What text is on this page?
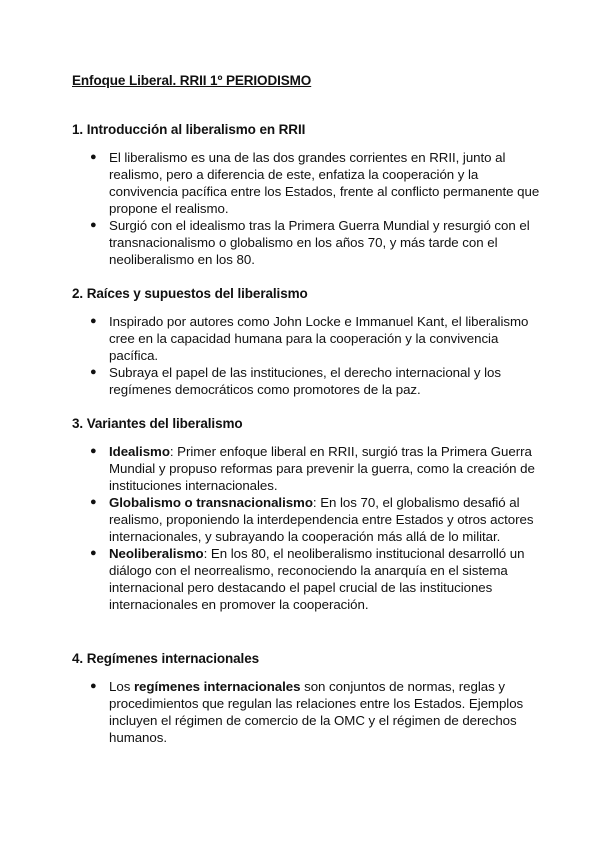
Enfoque Liberal. RRII 1º PERIODISMO
1. Introducción al liberalismo en RRII
● El liberalismo es una de las dos grandes corrientes en RRII, junto al realismo, pero a diferencia de este, enfatiza la cooperación y la convivencia pacífica entre los Estados, frente al conflicto permanente que propone el realismo.
● Surgió con el idealismo tras la Primera Guerra Mundial y resurgió con el transnacionalismo o globalismo en los años 70, y más tarde con el neoliberalismo en los 80.
2. Raíces y supuestos del liberalismo
● Inspirado por autores como John Locke e Immanuel Kant, el liberalismo cree en la capacidad humana para la cooperación y la convivencia pacífica.
● Subraya el papel de las instituciones, el derecho internacional y los regímenes democráticos como promotores de la paz.
3. Variantes del liberalismo
● Idealismo: Primer enfoque liberal en RRII, surgió tras la Primera Guerra Mundial y propuso reformas para prevenir la guerra, como la creación de instituciones internacionales.
● Globalismo o transnacionalismo: En los 70, el globalismo desafió al realismo, proponiendo la interdependencia entre Estados y otros actores internacionales, y subrayando la cooperación más allá de lo militar.
● Neoliberalismo: En los 80, el neoliberalismo institucional desarrolló un diálogo con el neorrealismo, reconociendo la anarquía en el sistema internacional pero destacando el papel crucial de las instituciones internacionales en promover la cooperación.
4. Regímenes internacionales
● Los regímenes internacionales son conjuntos de normas, reglas y procedimientos que regulan las relaciones entre los Estados. Ejemplos incluyen el régimen de comercio de la OMC y el régimen de derechos humanos.
